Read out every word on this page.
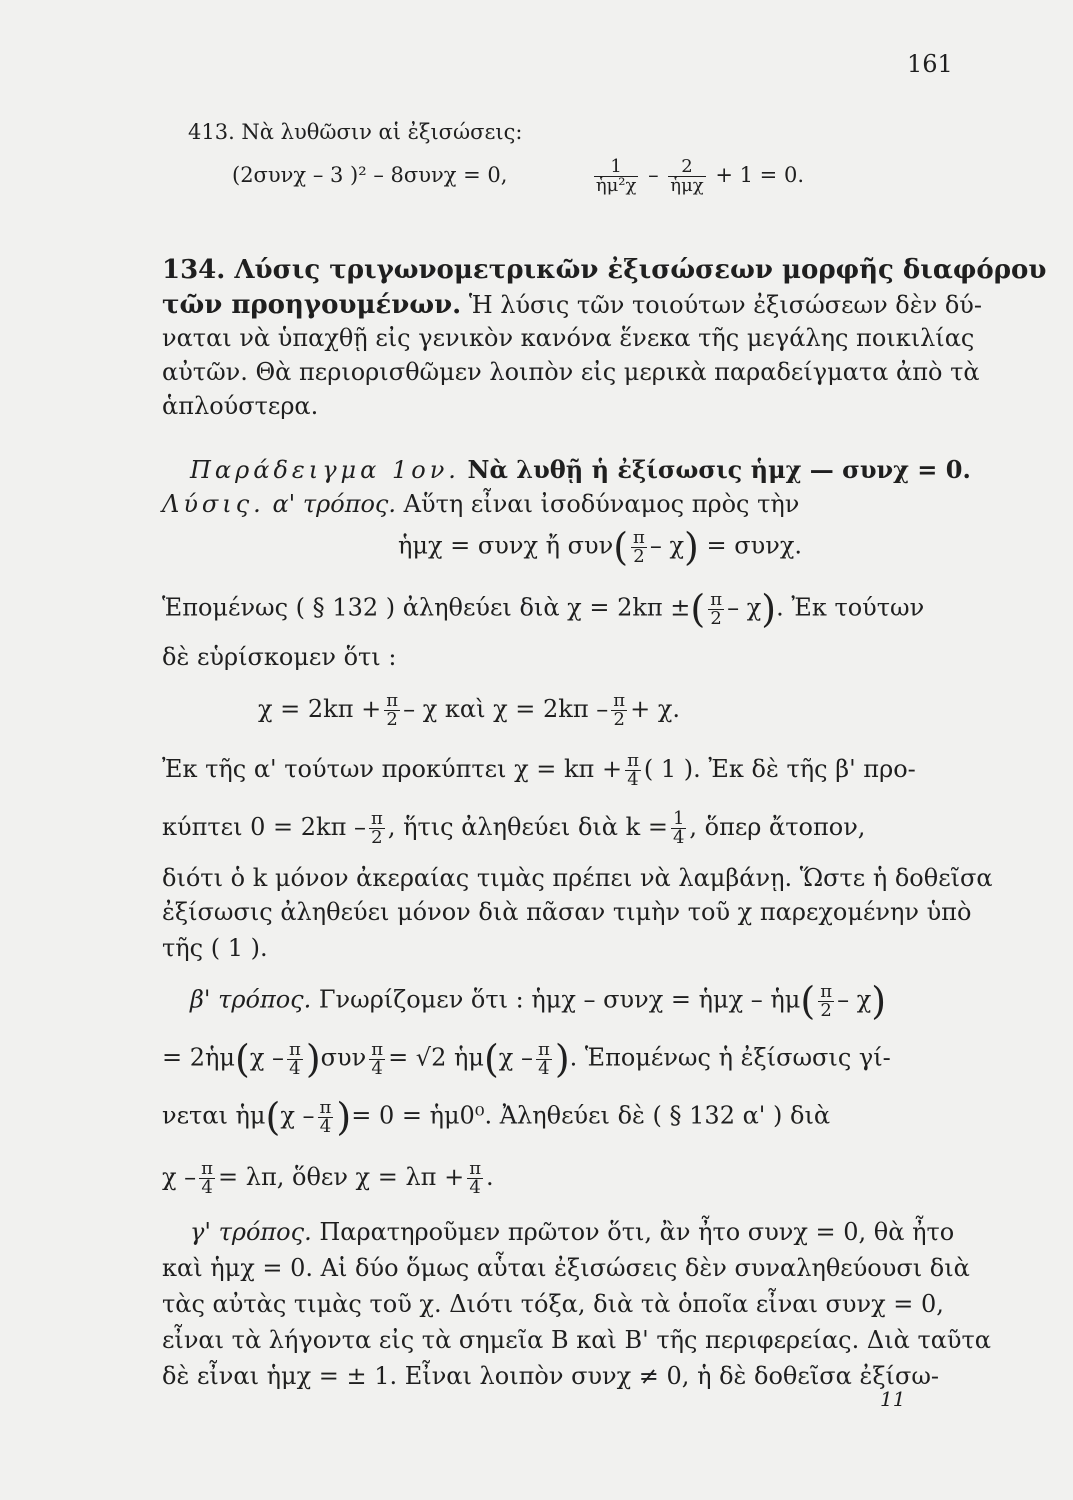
161
413. Νὰ λυθῶσιν αἱ ἐξισώσεις:
(2συνχ – 3 )² – 8συνχ = 0,	$\frac{1}{\text{ἡμ²χ}} - \frac{2}{\text{ἡμχ}} + 1 = 0$.
134. Λύσις τριγωνομετρικῶν ἐξισώσεων μορφῆς διαφόρου
τῶν προηγουμένων. Ἡ λύσις τῶν τοιούτων ἐξισώσεων δὲν δύ-
ναται νὰ ὑπαχθῇ εἰς γενικὸν κανόνα ἕνεκα τῆς μεγάλης ποικιλίας
αὐτῶν. Θὰ περιορισθῶμεν λοιπὸν εἰς μερικὰ παραδείγματα ἀπὸ τὰ
ἁπλούστερα.
Παράδειγμα 1ον. Νὰ λυθῇ ἡ ἐξίσωσις ἡμχ — συνχ = 0.
Λύσις. α' τρόπος. Αὕτη εἶναι ἰσοδύναμος πρὸς τὴν
ἡμχ = συνχ ἤ $\sigma\upsilon\nu( \frac{\pi}{2} - \chi) = \sigma\upsilon\nu\chi$.
Ἑπομένως ( § 132 ) ἀληθεύει διὰ χ = 2kπ ±( $\frac{\pi}{2} - \chi$). Ἐκ τούτων
δὲ εὑρίσκομεν ὅτι :
$\chi = 2k\pi + \frac{\pi}{2} - \chi$ καὶ $\chi = 2k\pi - \frac{\pi}{2} + \chi$.
Ἐκ τῆς α' τούτων προκύπτει $\chi = k\pi + \frac{\pi}{4}$ ( 1 ). Ἐκ δὲ τῆς β' προ-
κύπτει $0 = 2k\pi - \frac{\pi}{2}$ , ἥτις ἀληθεύει διὰ $k = \frac{1}{4}$ , ὅπερ ἄτοπον,
διότι ὁ k μόνον ἀκεραίας τιμὰς πρέπει νὰ λαμβάνῃ. Ὥστε ἡ δοθεῖσα
ἐξίσωσις ἀληθεύει μόνον διὰ πᾶσαν τιμὴν τοῦ χ παρεχομένην ὑπὸ
τῆς ( 1 ).
β' τρόπος. Γνωρίζομεν ὅτι : ἡμχ – συνχ = ἡμχ – ἡμ( $\frac{\pi}{2} - \chi$)
= 2ἡμ(χ – $\frac{\pi}{4} )\sigma\upsilon\nu \frac{\pi}{4} = √2$ ἡμ(χ – $\frac{\pi}{4}$ ). Ἑπομένως ἡ ἐξίσωσις γί-
νεται ἡμ(χ – $\frac{\pi}{4}$ )= 0 = ἡμ0⁰. Ἀληθεύει δὲ ( § 132 α' ) διὰ
$\chi - \frac{\pi}{4} = \lambda\pi$, ὅθεν $\chi = \lambda\pi + \frac{\pi}{4}$ .
γ' τρόπος. Παρατηροῦμεν πρῶτον ὅτι, ἂν ἦτο συνχ = 0, θὰ ἦτο
καὶ ἡμχ = 0. Αἱ δύο ὅμως αὗται ἐξισώσεις δὲν συναληθεύουσι διὰ
τὰς αὐτὰς τιμὰς τοῦ χ. Διότι τόξα, διὰ τὰ ὁποῖα εἶναι συνχ = 0,
εἶναι τὰ λήγοντα εἰς τὰ σημεῖα Β καὶ Β' τῆς περιφερείας. Διὰ ταῦτα
δὲ εἶναι ἡμχ = ± 1. Εἶναι λοιπὸν συνχ ≠ 0, ἡ δὲ δοθεῖσα ἐξίσω-
11
